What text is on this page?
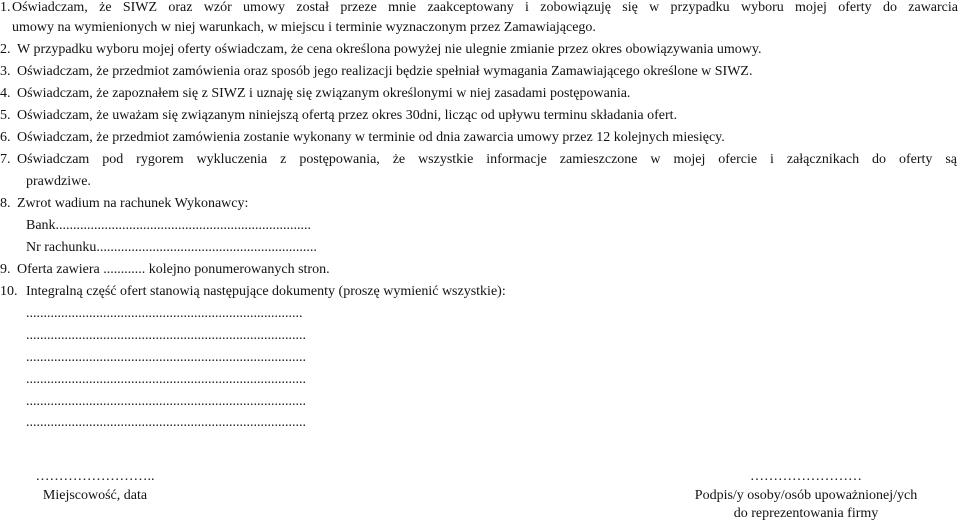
1. Oświadczam, że SIWZ oraz wzór umowy został przeze mnie zaakceptowany i zobowiązuję się w przypadku wyboru mojej oferty do zawarcia
umowy na wymienionych w niej warunkach, w miejscu i terminie wyznaczonym przez Zamawiającego.
2. W przypadku wyboru mojej oferty oświadczam, że cena określona powyżej nie ulegnie zmianie przez okres obowiązywania umowy.
3. Oświadczam, że przedmiot zamówienia oraz sposób jego realizacji będzie spełniał wymagania Zamawiającego określone w SIWZ.
4. Oświadczam, że zapoznałem się z SIWZ i uznaję się związanym określonymi w niej zasadami postępowania.
5. Oświadczam, że uważam się związanym niniejszą ofertą przez okres 30dni, licząc od upływu terminu składania ofert.
6. Oświadczam, że przedmiot zamówienia zostanie wykonany w terminie od dnia zawarcia umowy przez 12 kolejnych miesięcy.
7. Oświadczam pod rygorem wykluczenia z postępowania, że wszystkie informacje zamieszczone w mojej ofercie i załącznikach do oferty są
prawdziwe.
8. Zwrot wadium na rachunek Wykonawcy:
Bank.........................................................................
Nr rachunku...............................................................
9. Oferta zawiera ............ kolejno ponumerowanych stron.
10. Integralną część ofert stanowią następujące dokumenty (proszę wymienić wszystkie):
...............................................................................
................................................................................
................................................................................
................................................................................
................................................................................
................................................................................
……………………..
Miejscowość, data
……………………
Podpis/y osoby/osób upoważnionej/ych
do reprezentowania firmy
